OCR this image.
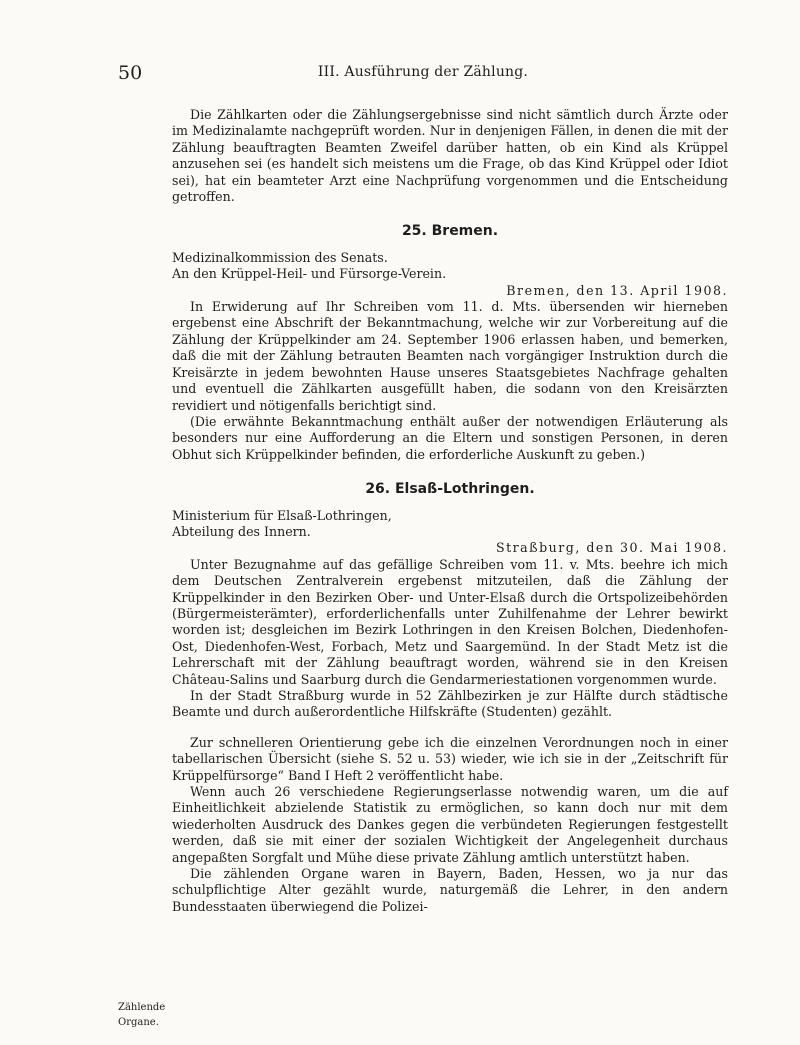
50	III. Ausführung der Zählung.

Die Zählkarten oder die Zählungsergebnisse sind nicht sämtlich durch Ärzte oder im Medizinalamte nachgeprüft worden. Nur in denjenigen Fällen, in denen die mit der Zählung beauftragten Beamten Zweifel darüber hatten, ob ein Kind als Krüppel anzusehen sei (es handelt sich meistens um die Frage, ob das Kind Krüppel oder Idiot sei), hat ein beamteter Arzt eine Nachprüfung vorgenommen und die Entscheidung getroffen.

25. Bremen.

Medizinalkommission des Senats.

An den Krüppel-Heil- und Fürsorge-Verein.

Bremen, den 13. April 1908.

In Erwiderung auf Ihr Schreiben vom 11. d. Mts. übersenden wir hierneben ergebenst eine Abschrift der Bekanntmachung, welche wir zur Vorbereitung auf die Zählung der Krüppelkinder am 24. September 1906 erlassen haben, und bemerken, daß die mit der Zählung betrauten Beamten nach vorgängiger Instruktion durch die Kreisärzte in jedem bewohnten Hause unseres Staatsgebietes Nachfrage gehalten und eventuell die Zählkarten ausgefüllt haben, die sodann von den Kreisärzten revidiert und nötigenfalls berichtigt sind.

(Die erwähnte Bekanntmachung enthält außer der notwendigen Erläuterung als besonders nur eine Aufforderung an die Eltern und sonstigen Personen, in deren Obhut sich Krüppelkinder befinden, die erforderliche Auskunft zu geben.)

26. Elsaß-Lothringen.

Ministerium für Elsaß-Lothringen,

Abteilung des Innern.

Straßburg, den 30. Mai 1908.

Unter Bezugnahme auf das gefällige Schreiben vom 11. v. Mts. beehre ich mich dem Deutschen Zentralverein ergebenst mitzuteilen, daß die Zählung der Krüppelkinder in den Bezirken Ober- und Unter-Elsaß durch die Ortspolizeibehörden (Bürgermeisterämter), erforderlichenfalls unter Zuhilfenahme der Lehrer bewirkt worden ist; desgleichen im Bezirk Lothringen in den Kreisen Bolchen, Diedenhofen-Ost, Diedenhofen-West, Forbach, Metz und Saargemünd. In der Stadt Metz ist die Lehrerschaft mit der Zählung beauftragt worden, während sie in den Kreisen Château-Salins und Saarburg durch die Gendarmeriestationen vorgenommen wurde.

In der Stadt Straßburg wurde in 52 Zählbezirken je zur Hälfte durch städtische Beamte und durch außerordentliche Hilfskräfte (Studenten) gezählt.

Zur schnelleren Orientierung gebe ich die einzelnen Verordnungen noch in einer tabellarischen Übersicht (siehe S. 52 u. 53) wieder, wie ich sie in der „Zeitschrift für Krüppelfürsorge“ Band I Heft 2 veröffentlicht habe.

Wenn auch 26 verschiedene Regierungserlasse notwendig waren, um die auf Einheitlichkeit abzielende Statistik zu ermöglichen, so kann doch nur mit dem wiederholten Ausdruck des Dankes gegen die verbündeten Regierungen festgestellt werden, daß sie mit einer der sozialen Wichtigkeit der Angelegenheit durchaus angepaßten Sorgfalt und Mühe diese private Zählung amtlich unterstützt haben.

Die zählenden Organe waren in Bayern, Baden, Hessen, wo ja nur das schulpflichtige Alter gezählt wurde, naturgemäß die Lehrer, in den andern Bundesstaaten überwiegend die Polizei-

Zählende Organe.
